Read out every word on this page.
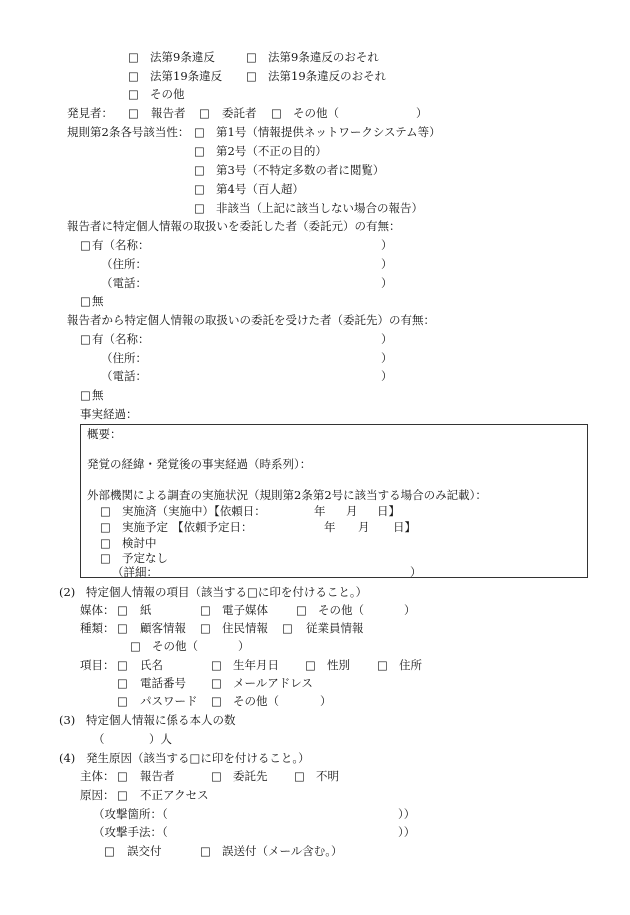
□ 法第9条違反	□ 法第9条違反のおそれ
□ 法第19条違反 □ 法第19条違反のおそれ
□ その他
発見者： □ 報告者 □ 委託者 □ その他（	）
規則第2条各号該当性： □ 第1号（情報提供ネットワークシステム等）
□ 第2号（不正の目的）
□ 第3号（不特定多数の者に閲覧）
□ 第4号（百人超）
□ 非該当（上記に該当しない場合の報告）
報告者に特定個人情報の取扱いを委託した者（委託元）の有無：
□ 有（名称：	）
（住所：	）
（電話：	）
□ 無
報告者から特定個人情報の取扱いの委託を受けた者（委託先）の有無：
□ 有（名称：	）
（住所：	）
（電話：	）
□ 無
事実経過：
概要：
発覚の経緯・発覚後の事実経過（時系列）：
外部機関による調査の実施状況（規則第2条第2号に該当する場合のみ記載）：
□ 実施済（実施中）【依頼日：	年 月 日】
□ 実施予定 【依頼予定日：	年 月 日】
□ 検討中
□ 予定なし
（詳細：	）
(2) 特定個人情報の項目（該当する□に印を付けること。）
媒体： □ 紙	□ 電子媒体 □ その他（	）
種類： □ 顧客情報 □ 住民情報 □ 従業員情報
□ その他（	）
項目： □ 氏名	□ 生年月日 □ 性別 □ 住所
□ 電話番号 □ メールアドレス
□ パスワード □ その他（	）
(3) 特定個人情報に係る本人の数
（	）人
(4) 発生原因（該当する□に印を付けること。）
主体： □ 報告者	□ 委託先 □ 不明
原因： □ 不正アクセス
（攻撃箇所：（	））
（攻撃手法：（	））
□ 誤交付	□ 誤送付（メール含む。）
